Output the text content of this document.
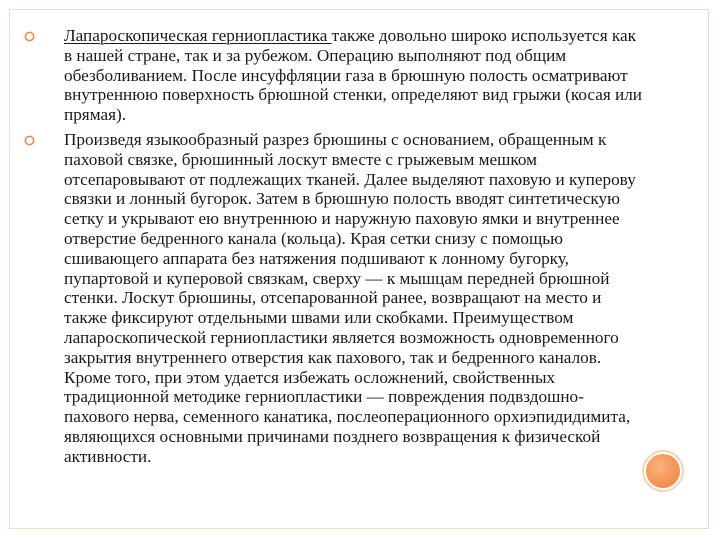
Лапароскопическая герниопластика также довольно широко используется как в нашей стране, так и за рубежом. Операцию выполняют под общим обезболиванием. После инсуффляции газа в брюшную полость осматривают внутреннюю поверхность брюшной стенки, определяют вид грыжи (косая или прямая).

Произведя языкообразный разрез брюшины с основанием, обращенным к паховой связке, брюшинный лоскут вместе с грыжевым мешком отсепаровывают от подлежащих тканей. Далее выделяют паховую и куперову связки и лонный бугорок. Затем в брюшную полость вводят синтетическую сетку и укрывают ею внутреннюю и наружную паховую ямки и внутреннее отверстие бедренного канала (кольца). Края сетки снизу с помощью сшивающего аппарата без натяжения подшивают к лонному бугорку, пупартовой и куперовой связкам, сверху — к мышцам передней брюшной стенки. Лоскут брюшины, отсепарованной ранее, возвращают на место и также фиксируют отдельными швами или скобками. Преимуществом лапароскопической герниопластики является возможность одновременного закрытия внутреннего отверстия как пахового, так и бедренного каналов. Кроме того, при этом удается избежать осложнений, свойственных традиционной методике герниопластики — повреждения подвздошно-пахового нерва, семенного канатика, послеоперационного орхиэпидидимита, являющихся основными причинами позднего возвращения к физической активности.
